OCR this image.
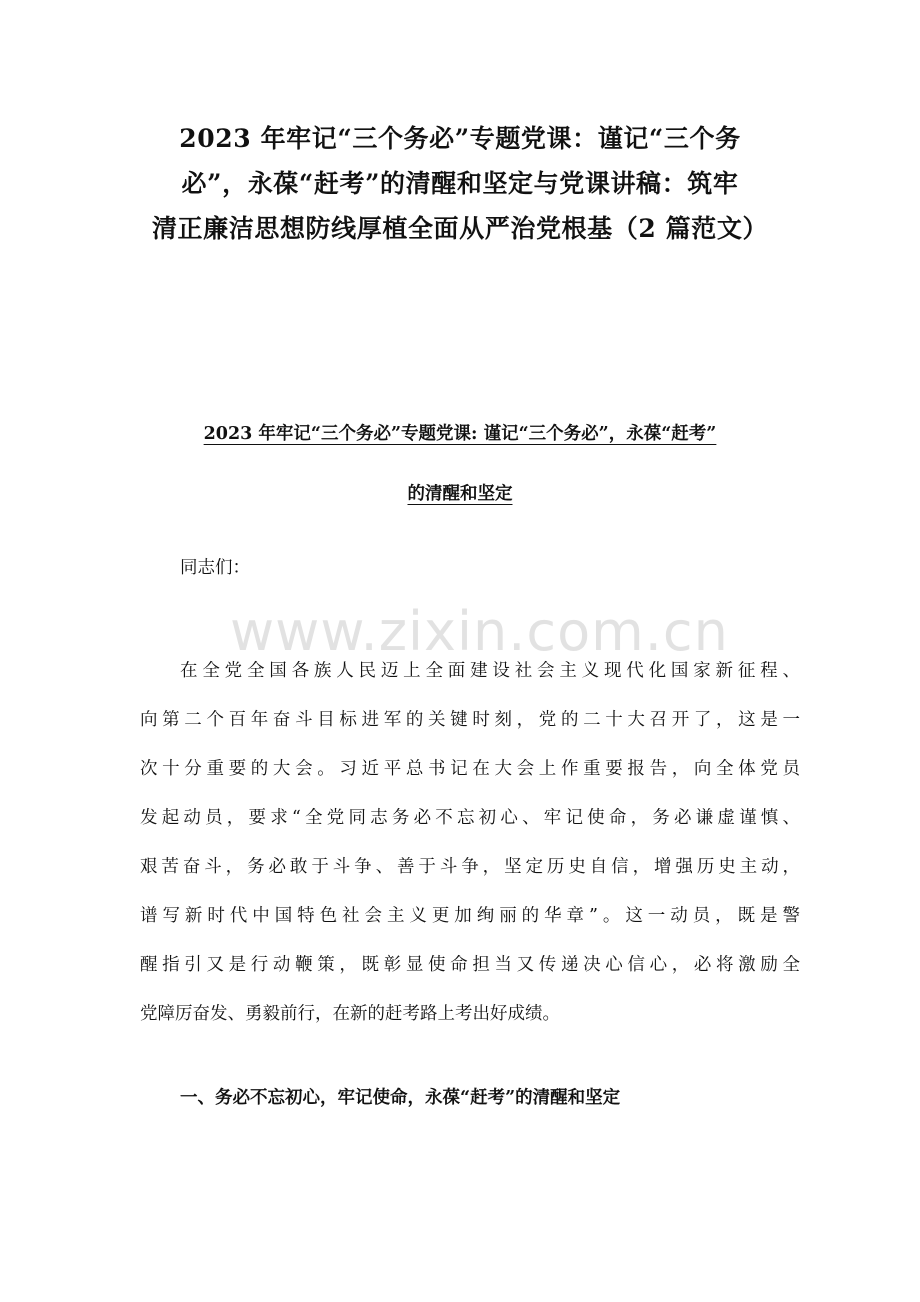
2023 年牢记“三个务必”专题党课：谨记“三个务
必”，永葆“赶考”的清醒和坚定与党课讲稿：筑牢
清正廉洁思想防线厚植全面从严治党根基（2 篇范文）
2023 年牢记“三个务必”专题党课: 谨记“三个务必”，永葆“赶考”
的清醒和坚定

同志们：

www.zixin.com.cn

在全党全国各族人民迈上全面建设社会主义现代化国家新征程、
向第二个百年奋斗目标进军的关键时刻，党的二十大召开了，这是一
次十分重要的大会。习近平总书记在大会上作重要报告，向全体党员
发起动员，要求“全党同志务必不忘初心、牢记使命，务必谦虚谨慎、
艰苦奋斗，务必敢于斗争、善于斗争，坚定历史自信，增强历史主动，
谱写新时代中国特色社会主义更加绚丽的华章”。这一动员，既是警
醒指引又是行动鞭策，既彰显使命担当又传递决心信心，必将激励全
党障厉奋发、勇毅前行，在新的赶考路上考出好成绩。

一、务必不忘初心，牢记使命，永葆“赶考”的清醒和坚定
